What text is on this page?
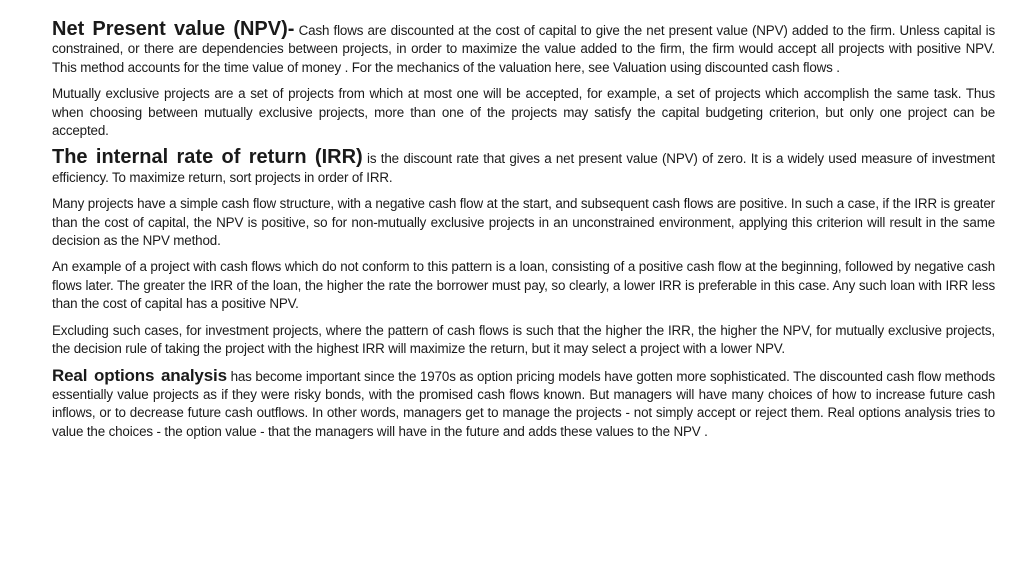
Net Present value (NPV)- Cash flows are discounted at the cost of capital to give the net present value (NPV) added to the firm. Unless capital is constrained, or there are dependencies between projects, in order to maximize the value added to the firm, the firm would accept all projects with positive NPV. This method accounts for the time value of money . For the mechanics of the valuation here, see Valuation using discounted cash flows .

Mutually exclusive projects are a set of projects from which at most one will be accepted, for example, a set of projects which accomplish the same task. Thus when choosing between mutually exclusive projects, more than one of the projects may satisfy the capital budgeting criterion, but only one project can be accepted.

The internal rate of return (IRR) is the discount rate that gives a net present value (NPV) of zero. It is a widely used measure of investment efficiency. To maximize return, sort projects in order of IRR.

Many projects have a simple cash flow structure, with a negative cash flow at the start, and subsequent cash flows are positive. In such a case, if the IRR is greater than the cost of capital, the NPV is positive, so for non-mutually exclusive projects in an unconstrained environment, applying this criterion will result in the same decision as the NPV method.

An example of a project with cash flows which do not conform to this pattern is a loan, consisting of a positive cash flow at the beginning, followed by negative cash flows later. The greater the IRR of the loan, the higher the rate the borrower must pay, so clearly, a lower IRR is preferable in this case. Any such loan with IRR less than the cost of capital has a positive NPV.

Excluding such cases, for investment projects, where the pattern of cash flows is such that the higher the IRR, the higher the NPV, for mutually exclusive projects, the decision rule of taking the project with the highest IRR will maximize the return, but it may select a project with a lower NPV.

Real options analysis has become important since the 1970s as option pricing models have gotten more sophisticated. The discounted cash flow methods essentially value projects as if they were risky bonds, with the promised cash flows known. But managers will have many choices of how to increase future cash inflows, or to decrease future cash outflows. In other words, managers get to manage the projects - not simply accept or reject them. Real options analysis tries to value the choices - the option value - that the managers will have in the future and adds these values to the NPV .
